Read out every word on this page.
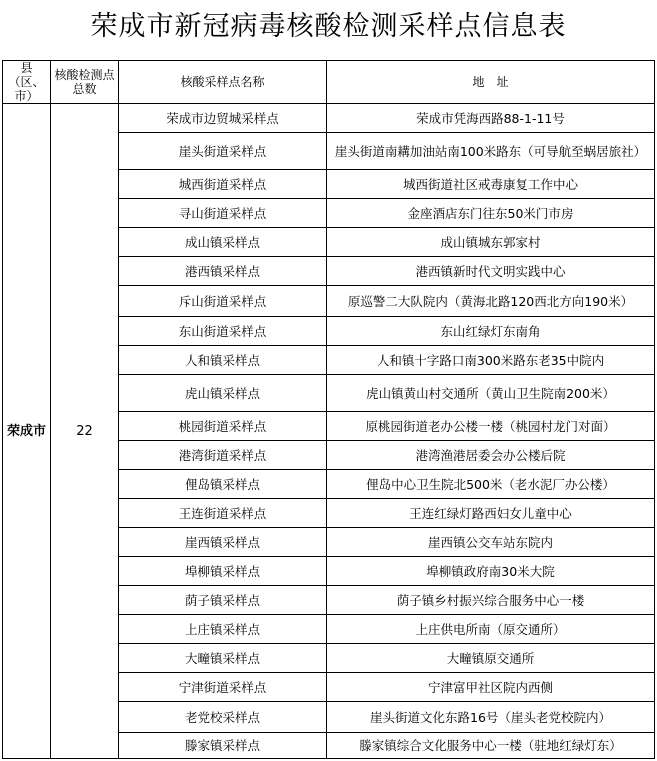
荣成市新冠病毒核酸检测采样点信息表
县（区、市）	核酸检测点总数	核酸采样点名称	地　址
荣成市	22	荣成市边贸城采样点	荣成市凭海西路88-1-11号
		崖头街道采样点	崖头街道南耩加油站南100米路东（可导航至蜗居旅社）
		城西街道采样点	城西街道社区戒毒康复工作中心
		寻山街道采样点	金座酒店东门往东50米门市房
		成山镇采样点	成山镇城东郭家村
		港西镇采样点	港西镇新时代文明实践中心
		斥山街道采样点	原巡警二大队院内（黄海北路120西北方向190米）
		东山街道采样点	东山红绿灯东南角
		人和镇采样点	人和镇十字路口南300米路东老35中院内
		虎山镇采样点	虎山镇黄山村交通所（黄山卫生院南200米）
		桃园街道采样点	原桃园街道老办公楼一楼（桃园村龙门对面）
		港湾街道采样点	港湾渔港居委会办公楼后院
		俚岛镇采样点	俚岛中心卫生院北500米（老水泥厂办公楼）
		王连街道采样点	王连红绿灯路西妇女儿童中心
		崖西镇采样点	崖西镇公交车站东院内
		埠柳镇采样点	埠柳镇政府南30米大院
		荫子镇采样点	荫子镇乡村振兴综合服务中心一楼
		上庄镇采样点	上庄供电所南（原交通所）
		大疃镇采样点	大疃镇原交通所
		宁津街道采样点	宁津富甲社区院内西侧
		老党校采样点	崖头街道文化东路16号（崖头老党校院内）
		滕家镇采样点	滕家镇综合文化服务中心一楼（驻地红绿灯东）
